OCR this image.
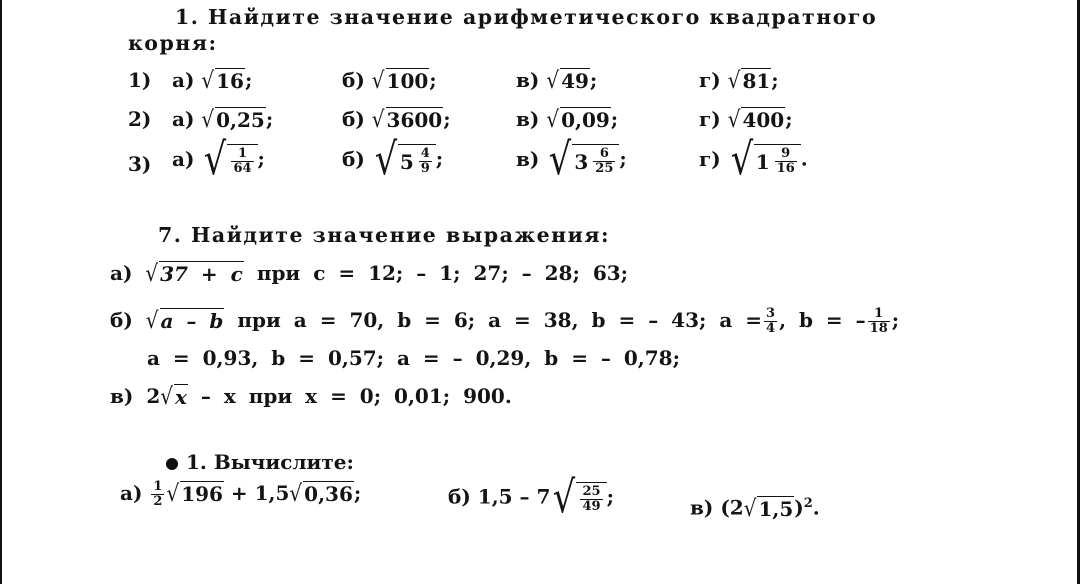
1. Найдите значение арифметического квадратного
корня:
1) а) √ 16 ;	б) √ 100 ;	в) √ 49 ;	г) √ 81 ;
2) а) √ 0,25 ;	б) √ 3600 ;	в) √ 0,09 ;	г) √ 400 ;
3) а) √ 1
64 ;	б) √ 5 4
9 ;	в) √ 3 6
25 ;	г) √ 1 9
16 .
7. Найдите значение выражения:
а) √ 37 + c при c = 12; – 1; 27; – 28; 63;
б) √ a – b при a = 70, b = 6; a = 38, b = – 43; $a = \frac{3}{4}$ , b = – $\frac{1}{18}$ ;
a = 0,93, b = 0,57; a = – 0,29, b = – 0,78;
в) 2 √ x – x при x = 0; 0,01; 900.
1. Вычислите:
$а) \frac{1}{2}$ √ 196 + 1,5 √ 0,36 ;	б) 1,5 – 7 √ 25
49 ;	в) (2 √ 1,5 )$^2$.
